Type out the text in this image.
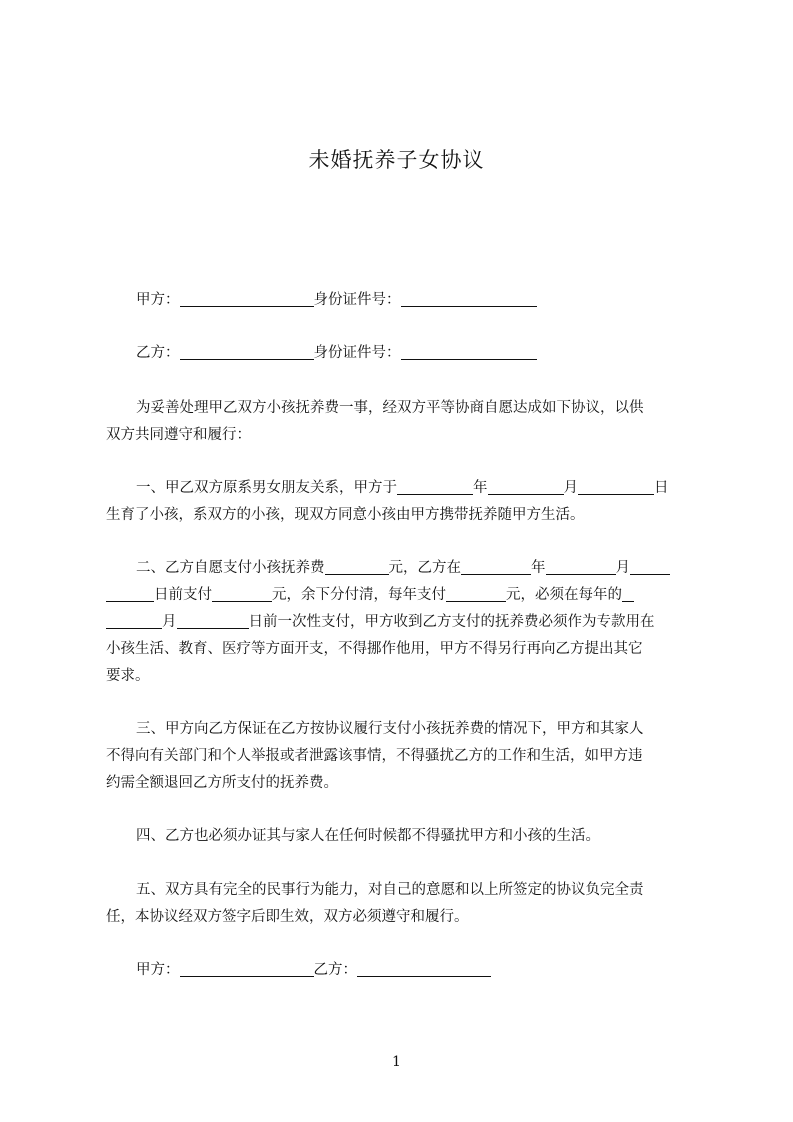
未婚抚养子女协议
甲方：	身份证件号：
乙方：	身份证件号：
为妥善处理甲乙双方小孩抚养费一事，经双方平等协商自愿达成如下协议，以供
双方共同遵守和履行：
一、甲乙双方原系男女朋友关系，甲方于	年	月	日
生育了小孩，系双方的小孩，现双方同意小孩由甲方携带抚养随甲方生活。
二、乙方自愿支付小孩抚养费	元，乙方在	年	月
日前支付	元，余下分付清，每年支付	元，必须在每年的
月	日前一次性支付，甲方收到乙方支付的抚养费必须作为专款用在
小孩生活、教育、医疗等方面开支，不得挪作他用，甲方不得另行再向乙方提出其它
要求。
三、甲方向乙方保证在乙方按协议履行支付小孩抚养费的情况下，甲方和其家人
不得向有关部门和个人举报或者泄露该事情，不得骚扰乙方的工作和生活，如甲方违
约需全额退回乙方所支付的抚养费。
四、乙方也必须办证其与家人在任何时候都不得骚扰甲方和小孩的生活。
五、双方具有完全的民事行为能力，对自己的意愿和以上所签定的协议负完全责
任，本协议经双方签字后即生效，双方必须遵守和履行。
甲方：	乙方：
1
